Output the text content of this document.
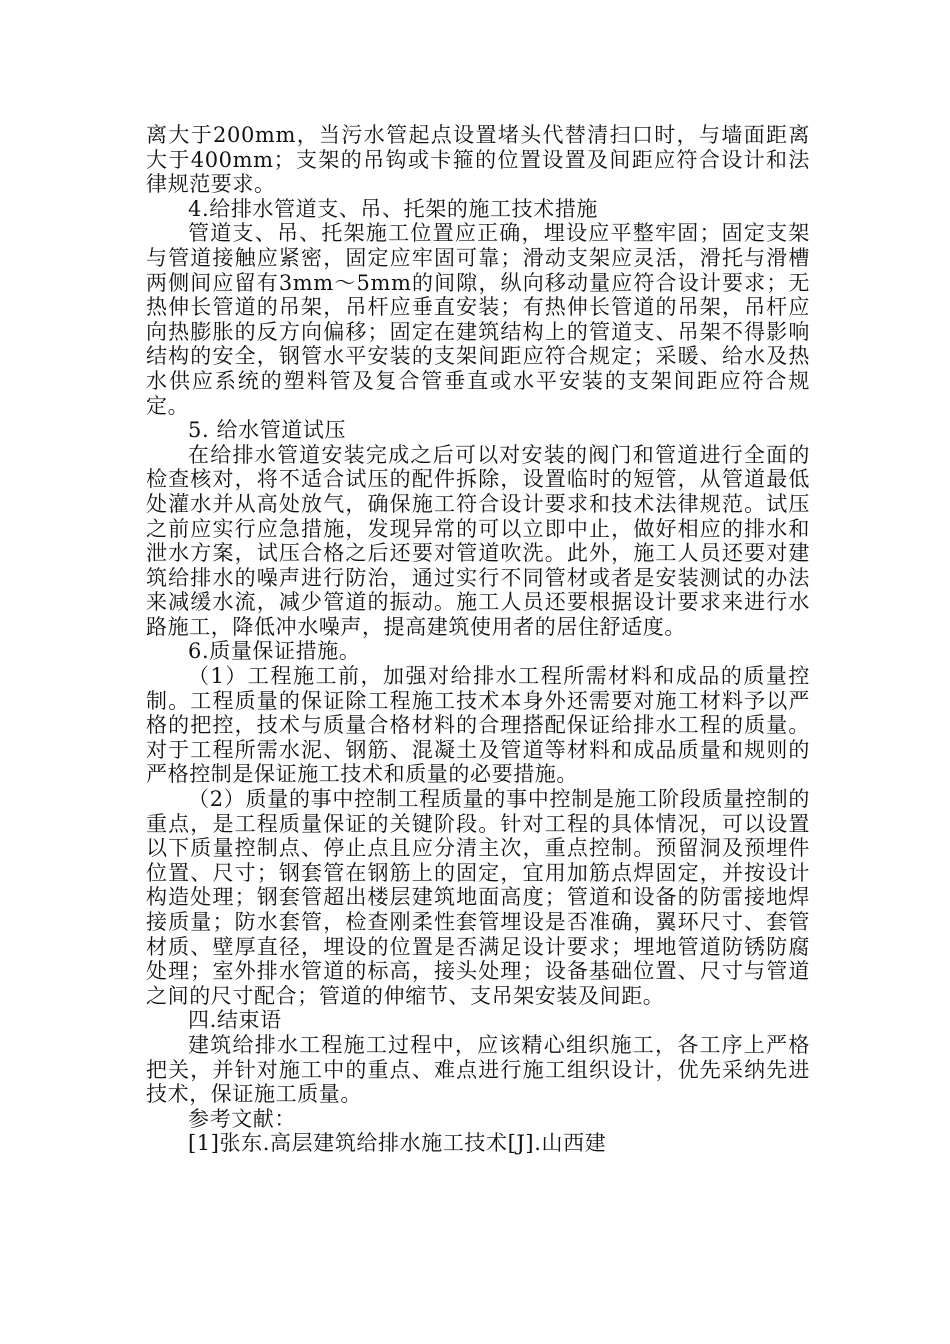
离大于200mm，当污水管起点设置堵头代替清扫口时，与墙面距离大于400mm；支架的吊钩或卡箍的位置设置及间距应符合设计和法律规范要求。

4.给排水管道支、吊、托架的施工技术措施

管道支、吊、托架施工位置应正确，埋设应平整牢固；固定支架与管道接触应紧密，固定应牢固可靠；滑动支架应灵活，滑托与滑槽两侧间应留有3mm～5mm的间隙，纵向移动量应符合设计要求；无热伸长管道的吊架，吊杆应垂直安装；有热伸长管道的吊架，吊杆应向热膨胀的反方向偏移；固定在建筑结构上的管道支、吊架不得影响结构的安全，钢管水平安装的支架间距应符合规定；采暖、给水及热水供应系统的塑料管及复合管垂直或水平安装的支架间距应符合规定。

5. 给水管道试压

在给排水管道安装完成之后可以对安装的阀门和管道进行全面的检查核对，将不适合试压的配件拆除，设置临时的短管，从管道最低处灌水并从高处放气，确保施工符合设计要求和技术法律规范。试压之前应实行应急措施，发现异常的可以立即中止，做好相应的排水和泄水方案，试压合格之后还要对管道吹洗。此外，施工人员还要对建筑给排水的噪声进行防治，通过实行不同管材或者是安装测试的办法来减缓水流，减少管道的振动。施工人员还要根据设计要求来进行水路施工，降低冲水噪声，提高建筑使用者的居住舒适度。

6.质量保证措施。

（1）工程施工前，加强对给排水工程所需材料和成品的质量控制。工程质量的保证除工程施工技术本身外还需要对施工材料予以严格的把控，技术与质量合格材料的合理搭配保证给排水工程的质量。对于工程所需水泥、钢筋、混凝土及管道等材料和成品质量和规则的严格控制是保证施工技术和质量的必要措施。

（2）质量的事中控制工程质量的事中控制是施工阶段质量控制的重点，是工程质量保证的关键阶段。针对工程的具体情况，可以设置以下质量控制点、停止点且应分清主次，重点控制。预留洞及预埋件位置、尺寸；钢套管在钢筋上的固定，宜用加筋点焊固定，并按设计构造处理；钢套管超出楼层建筑地面高度；管道和设备的防雷接地焊接质量；防水套管，检查刚柔性套管埋设是否准确，翼环尺寸、套管材质、壁厚直径，埋设的位置是否满足设计要求；埋地管道防锈防腐处理；室外排水管道的标高，接头处理；设备基础位置、尺寸与管道之间的尺寸配合；管道的伸缩节、支吊架安装及间距。

四.结束语

建筑给排水工程施工过程中，应该精心组织施工，各工序上严格把关，并针对施工中的重点、难点进行施工组织设计，优先采纳先进技术，保证施工质量。

参考文献：

[1]张东.高层建筑给排水施工技术[J].山西建
